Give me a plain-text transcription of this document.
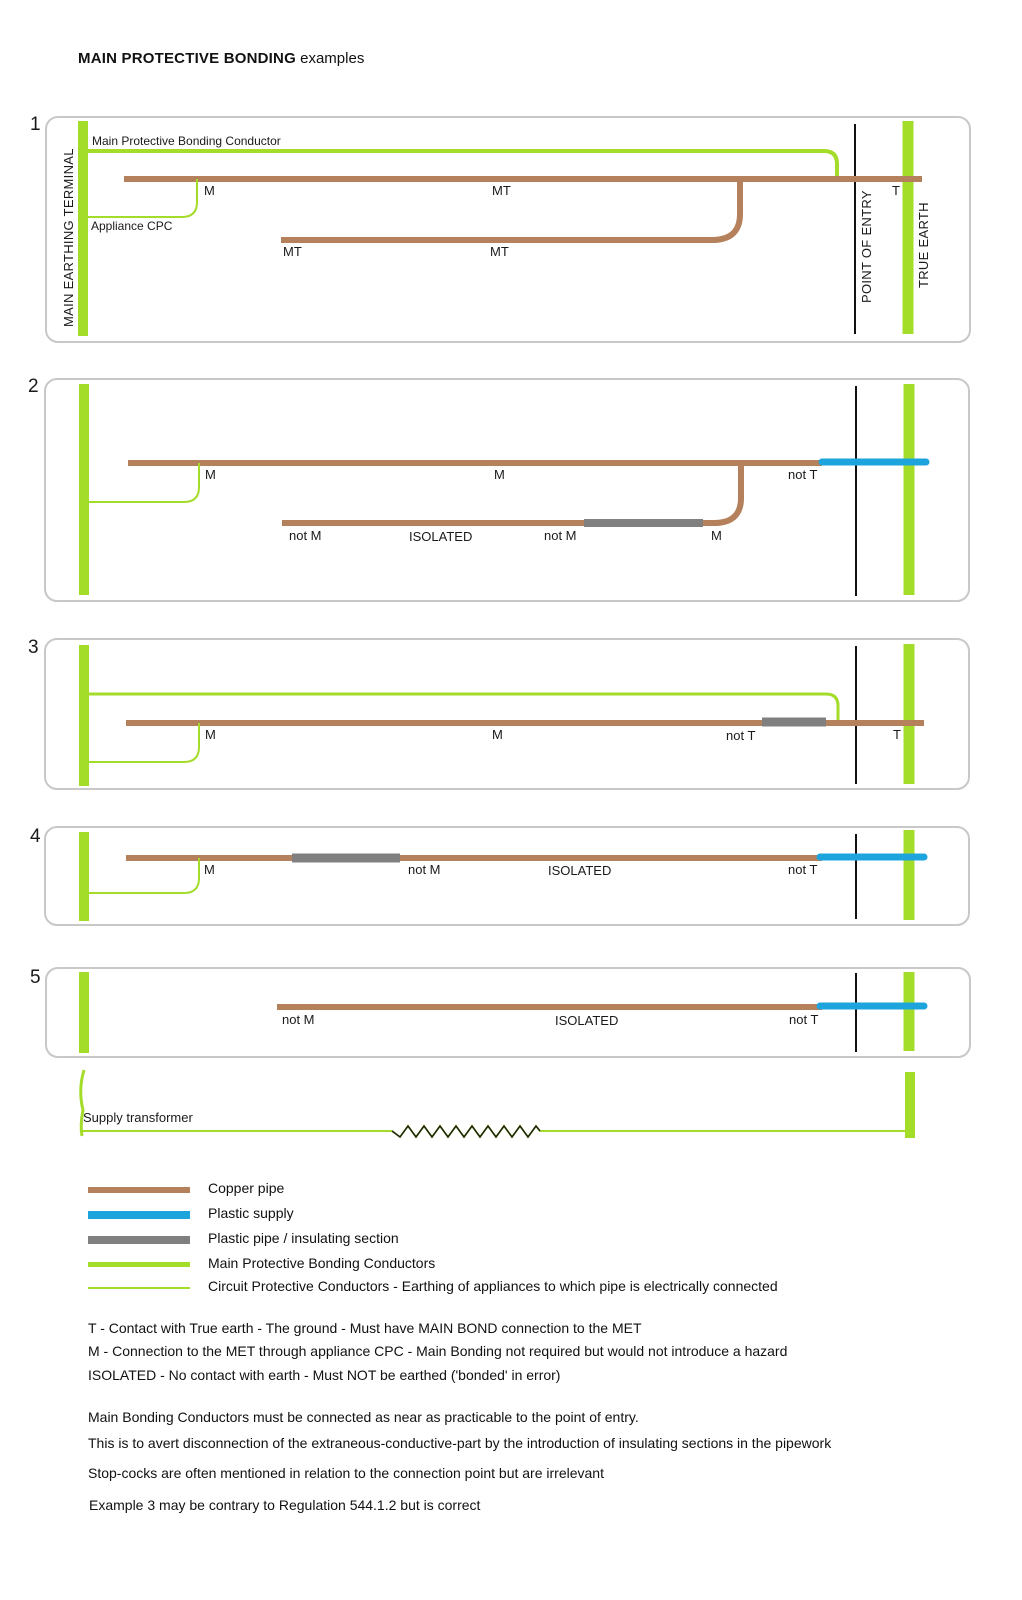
MAIN PROTECTIVE BONDING examples
1
MAIN EARTHING TERMINAL	POINT OF ENTRY	TRUE EARTH
Main Protective Bonding Conductor
Appliance CPC
M	MT	T
MT	MT
2
M	M	not T
not M	ISOLATED	not M	M
3
M	M	not T	T
4
M	not M	ISOLATED	not T
5
not M	ISOLATED	not T
Supply transformer
Copper pipe
Plastic supply
Plastic pipe / insulating section
Main Protective Bonding Conductors
Circuit Protective Conductors - Earthing of appliances to which pipe is electrically connected
T - Contact with True earth - The ground - Must have MAIN BOND connection to the MET
M - Connection to the MET through appliance CPC - Main Bonding not required but would not introduce a hazard
ISOLATED - No contact with earth - Must NOT be earthed ('bonded' in error)
Main Bonding Conductors must be connected as near as practicable to the point of entry.
This is to avert disconnection of the extraneous-conductive-part by the introduction of insulating sections in the pipework
Stop-cocks are often mentioned in relation to the connection point but are irrelevant
Example 3 may be contrary to Regulation 544.1.2 but is correct
